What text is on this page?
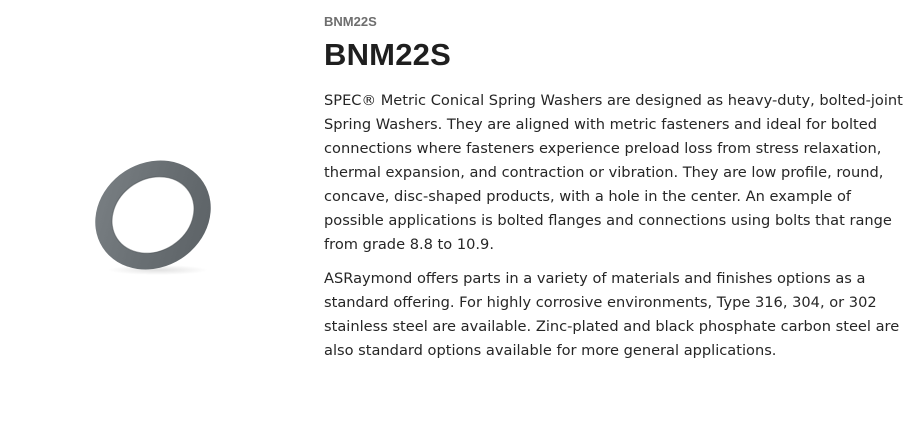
BNM22S

BNM22S

SPEC® Metric Conical Spring Washers are designed as heavy-duty, bolted-joint Spring Washers. They are aligned with metric fasteners and ideal for bolted connections where fasteners experience preload loss from stress relaxation, thermal expansion, and contraction or vibration. They are low profile, round, concave, disc-shaped products, with a hole in the center. An example of possible applications is bolted flanges and connections using bolts that range from grade 8.8 to 10.9.

ASRaymond offers parts in a variety of materials and finishes options as a standard offering. For highly corrosive environments, Type 316, 304, or 302 stainless steel are available. Zinc-plated and black phosphate carbon steel are also standard options available for more general applications.
